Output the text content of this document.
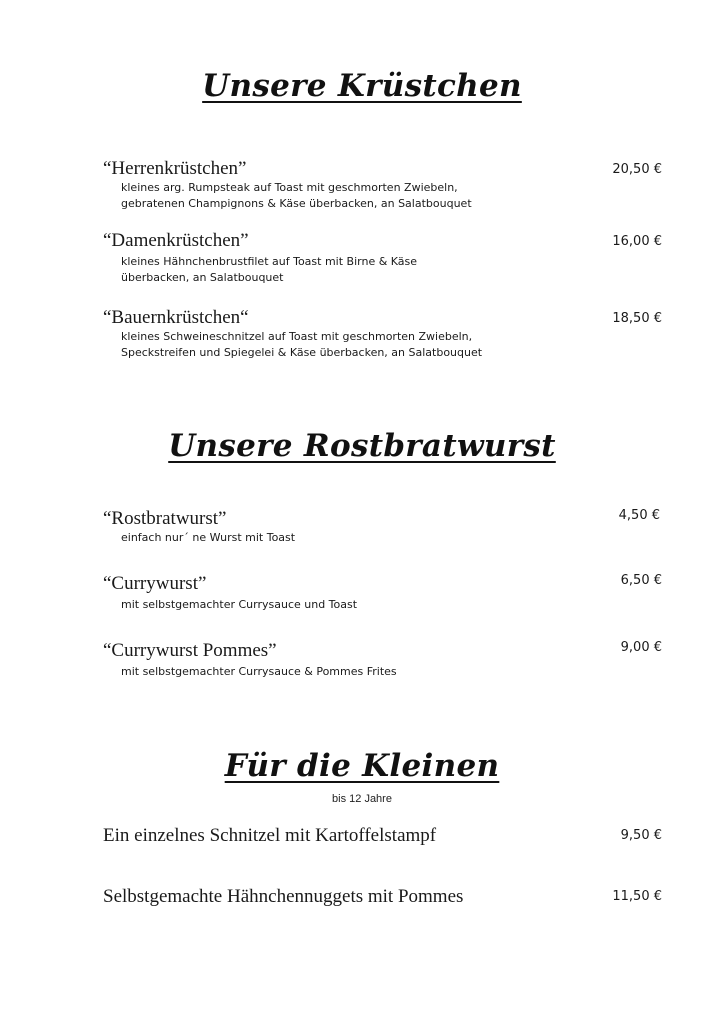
Unsere Krüstchen
“Herrenkrüstchen”
kleines arg. Rumpsteak auf Toast mit geschmorten Zwiebeln,
gebratenen Champignons & Käse überbacken, an Salatbouquet
20,50 €
“Damenkrüstchen”
kleines Hähnchenbrustfilet auf Toast mit Birne & Käse
überbacken, an Salatbouquet
16,00 €
“Bauernkrüstchen“
kleines Schweineschnitzel auf Toast mit geschmorten Zwiebeln,
Speckstreifen und Spiegelei & Käse überbacken, an Salatbouquet
18,50 €
Unsere Rostbratwurst
“Rostbratwurst”
einfach nur´ ne Wurst mit Toast
4,50 €
“Currywurst”
mit selbstgemachter Currysauce und Toast
6,50 €
“Currywurst Pommes”
mit selbstgemachter Currysauce & Pommes Frites
9,00 €
Für die Kleinen
bis 12 Jahre
Ein einzelnes Schnitzel mit Kartoffelstampf	9,50 €
Selbstgemachte Hähnchennuggets mit Pommes	11,50 €
